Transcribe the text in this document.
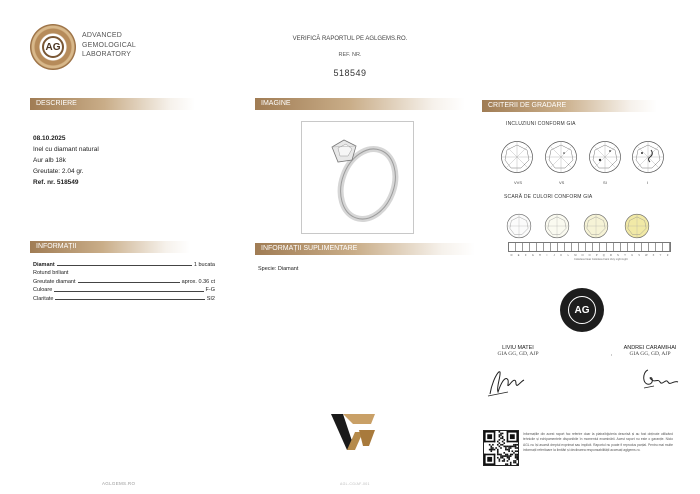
AG
ADVANCED
GEMOLOGICAL
LABORATORY
VERIFICĂ RAPORTUL PE AGLGEMS.RO.
REF. NR.
518549
DESCRIERE	IMAGINE	CRITERII DE GRADARE
INFORMAȚII	INFORMAȚII SUPLIMENTARE
08.10.2025
Inel cu diamant natural
Aur alb 18k
Greutate: 2.04 gr.
Ref. nr. 518549
Diamant	1 bucata
Rotund briliant
Greutate diamant	aprox. 0.36 ct
Culoare	F-G
Claritate	SI2
Specie: Diamant
INCLUZIUNI CONFORM GIA
VVS	VS	SI	I
SCARĂ DE CULORI CONFORM GIA
D	E	F	G	H	I	J	K	L	M	N	O	P	Q	R	S	T	U	V	W	X	Y	Z
Colorless Near Colorless Faint Very Light Light
AG
LIVIU MATEI
GIA GG, GD, AJP
ANDREI CARAMIHAI
GIA GG, GD, AJP
ı
Informațiile din acest raport fac referire doar la piatra/bijuteria descrisă și au fost obținute utilizând tehnicile și echipamentele disponibile în momentul examinării. Acest raport nu este o garanție. Nicio AGL nu își asumă dreptul exprimat sau implicit. Raportul nu poate fi reprodus parțial. Pentru mai multe informații referitoare la limitări și declinarea responsabilității accesați aglgems.ro.
AGLGEMS.RO	AGL-CG/AF-001
